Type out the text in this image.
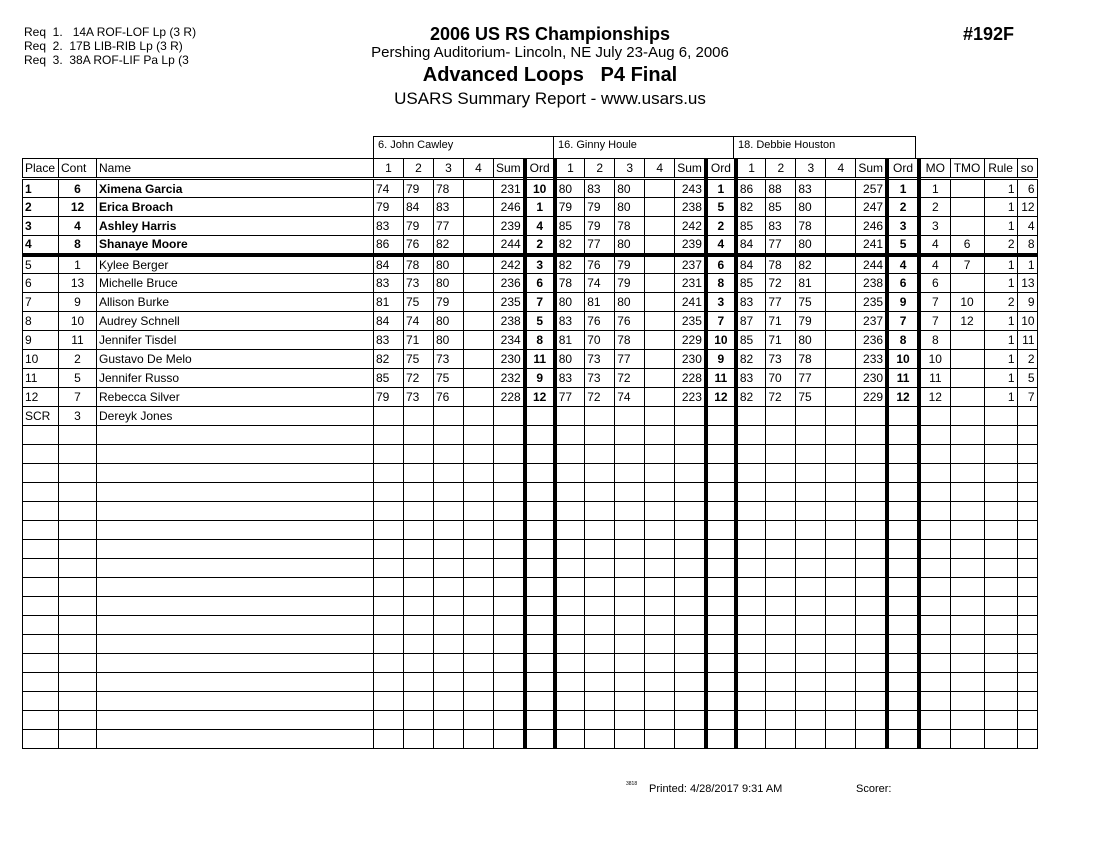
Req  1.   14A ROF-LOF Lp (3 R)
Req  2.  17B LIB-RIB Lp (3 R)
Req  3.  38A ROF-LIF Pa Lp (3
2006 US RS Championships
Pershing Auditorium- Lincoln, NE July 23-Aug 6, 2006
Advanced Loops   P4 Final
USARS Summary Report - www.usars.us
#192F
6. John Cawley	16. Ginny Houle	18. Debbie Houston
Place	Cont	Name	1	2	3	4	Sum	Ord	1	2	3	4	Sum	Ord	1	2	3	4	Sum	Ord	MO	TMO	Rule	so
1	6	Ximena Garcia	74	79	78		231	10	80	83	80		243	1	86	88	83		257	1	1		1	6
2	12	Erica Broach	79	84	83		246	1	79	79	80		238	5	82	85	80		247	2	2		1	12
3	4	Ashley Harris	83	79	77		239	4	85	79	78		242	2	85	83	78		246	3	3		1	4
4	8	Shanaye Moore	86	76	82		244	2	82	77	80		239	4	84	77	80		241	5	4	6	2	8
5	1	Kylee Berger	84	78	80		242	3	82	76	79		237	6	84	78	82		244	4	4	7	1	1
6	13	Michelle Bruce	83	73	80		236	6	78	74	79		231	8	85	72	81		238	6	6		1	13
7	9	Allison Burke	81	75	79		235	7	80	81	80		241	3	83	77	75		235	9	7	10	2	9
8	10	Audrey Schnell	84	74	80		238	5	83	76	76		235	7	87	71	79		237	7	7	12	1	10
9	11	Jennifer Tisdel	83	71	80		234	8	81	70	78		229	10	85	71	80		236	8	8		1	11
10	2	Gustavo De Melo	82	75	73		230	11	80	73	77		230	9	82	73	78		233	10	10		1	2
11	5	Jennifer Russo	85	72	75		232	9	83	73	72		228	11	83	70	77		230	11	11		1	5
12	7	Rebecca Silver	79	73	76		228	12	77	72	74		223	12	82	72	75		229	12	12		1	7
SCR	3	Dereyk Jones																						

3818 Printed: 4/28/2017 9:31 AM	Scorer:
